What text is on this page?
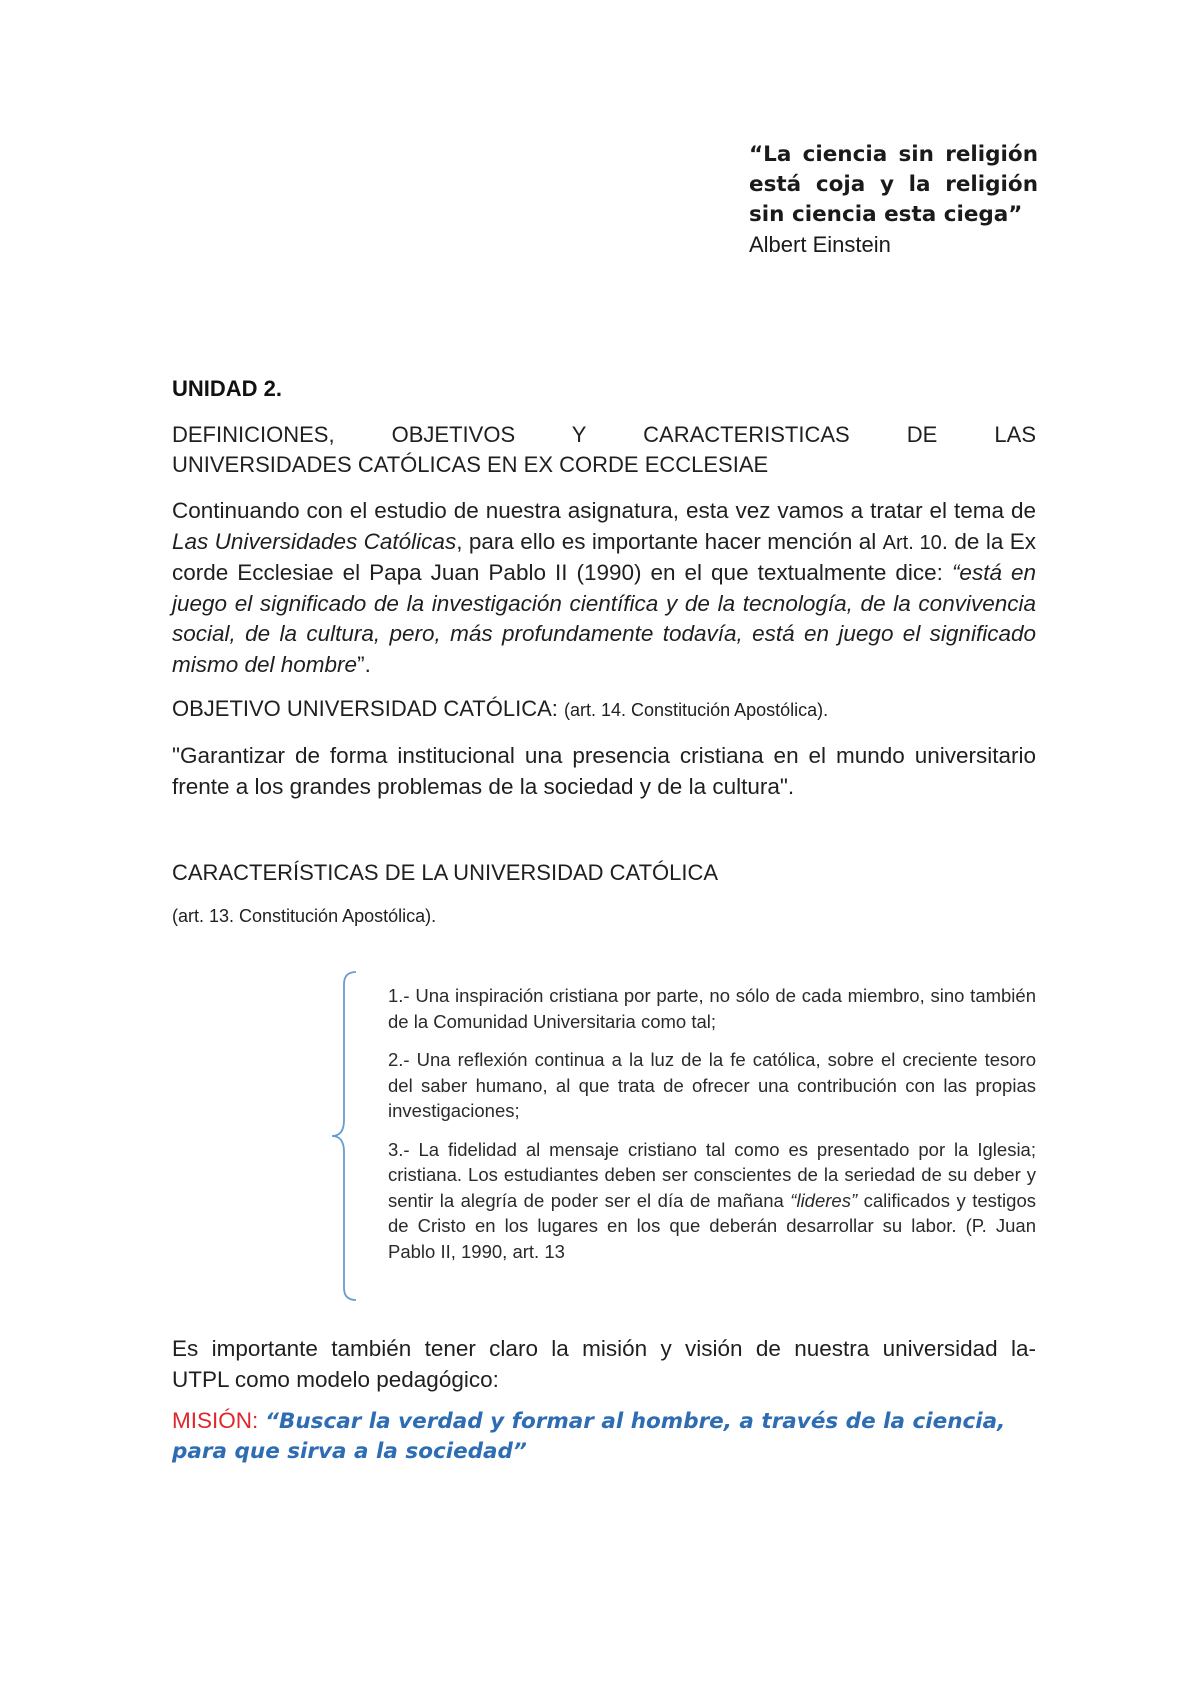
“La ciencia sin religión está coja y la religión sin ciencia esta ciega”
Albert Einstein
UNIDAD 2.
DEFINICIONES, OBJETIVOS Y CARACTERISTICAS DE LAS
UNIVERSIDADES CATÓLICAS EN EX CORDE ECCLESIAE
Continuando con el estudio de nuestra asignatura, esta vez vamos a tratar el tema de Las Universidades Católicas, para ello es importante hacer mención al Art. 10. de la Ex corde Ecclesiae el Papa Juan Pablo II (1990) en el que textualmente dice: “está en juego el significado de la investigación científica y de la tecnología, de la convivencia social, de la cultura, pero, más profundamente todavía, está en juego el significado mismo del hombre”.
OBJETIVO UNIVERSIDAD CATÓLICA: (art. 14. Constitución Apostólica).
"Garantizar de forma institucional una presencia cristiana en el mundo universitario frente a los grandes problemas de la sociedad y de la cultura".
CARACTERÍSTICAS DE LA UNIVERSIDAD CATÓLICA
(art. 13. Constitución Apostólica).
1.- Una inspiración cristiana por parte, no sólo de cada miembro, sino también de la Comunidad Universitaria como tal;
2.- Una reflexión continua a la luz de la fe católica, sobre el creciente tesoro del saber humano, al que trata de ofrecer una contribución con las propias investigaciones;
3.- La fidelidad al mensaje cristiano tal como es presentado por la Iglesia; cristiana. Los estudiantes deben ser conscientes de la seriedad de su deber y sentir la alegría de poder ser el día de mañana “lideres” calificados y testigos de Cristo en los lugares en los que deberán desarrollar su labor. (P. Juan Pablo II, 1990, art. 13
Es importante también tener claro la misión y visión de nuestra universidad la-
UTPL como modelo pedagógico:
MISIÓN: “Buscar la verdad y formar al hombre, a través de la ciencia, para que sirva a la sociedad”
